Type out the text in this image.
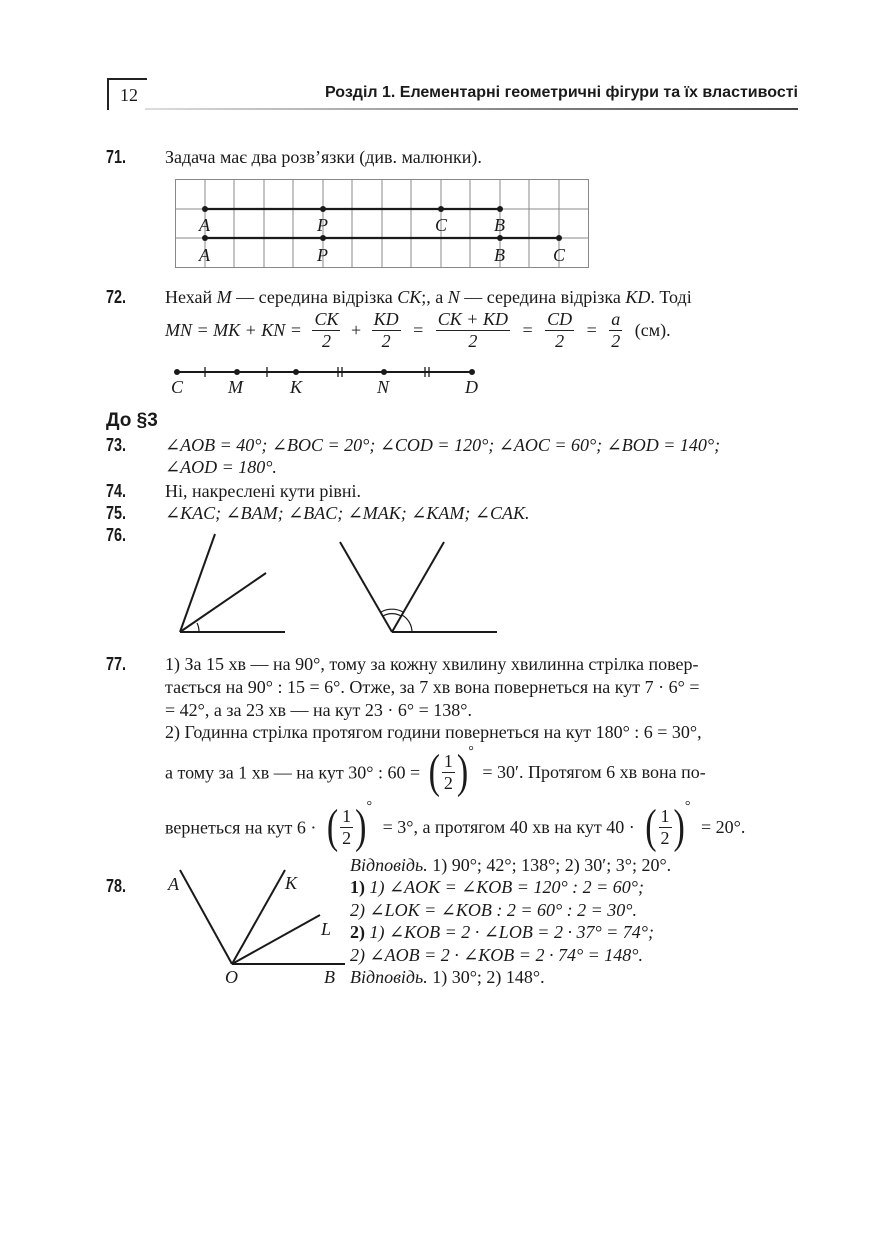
12	Розділ 1. Елементарні геометричні фігури та їх властивості
71. Задача має два розв’язки (див. малюнки).
A	P	C	B
A	P	B	C
72. Нехай M — середина відрізка CK;, а N — середина відрізка KD. Тоді
MN = MK + KN = $\frac{CK}{2} + \frac{KD}{2} = \frac{CK + KD}{2} = \frac{CD}{2} = \frac{a}{2} (см)$.
C M	K	N	D
До §3
73. ∠AOB = 40°; ∠BOC = 20°; ∠COD = 120°; ∠AOC = 60°; ∠BOD = 140°;
∠AOD = 180°.
74. Ні, накреслені кути рівні.
75. ∠KAC; ∠BAM; ∠BAC; ∠MAK; ∠KAM; ∠CAK.
76.
77. 1) За 15 хв — на 90°, тому за кожну хвилину хвилинна стрілка повер-
тається на 90° : 15 = 6°. Отже, за 7 хв вона повернеться на кут 7 · 6° =
= 42°, а за 23 хв — на кут 23 · 6° = 138°.
2) Годинна стрілка протягом години повернеться на кут 180° : 6 = 30°,
а тому за 1 хв — на кут 30° : 60 = ( $\frac{1}{2} )^\circ = 30'$. Протягом 6 хв вона по-
вернеться на кут 6 · ( $\frac{1}{2} )^\circ = 3^\circ$, а протягом 40 хв на кут 40 · ( $\frac{1}{2} )^\circ = 20^\circ$.
Відповідь. 1) 90°; 42°; 138°; 2) 30′; 3°; 20°.
78. A	K
L
O	B
1) 1) ∠AOK = ∠KOB = 120° : 2 = 60°;
2) ∠LOK = ∠KOB : 2 = 60° : 2 = 30°.
2) 1) ∠KOB = 2 · ∠LOB = 2 · 37° = 74°;
2) ∠AOB = 2 · ∠KOB = 2 · 74° = 148°.
Відповідь. 1) 30°; 2) 148°.
